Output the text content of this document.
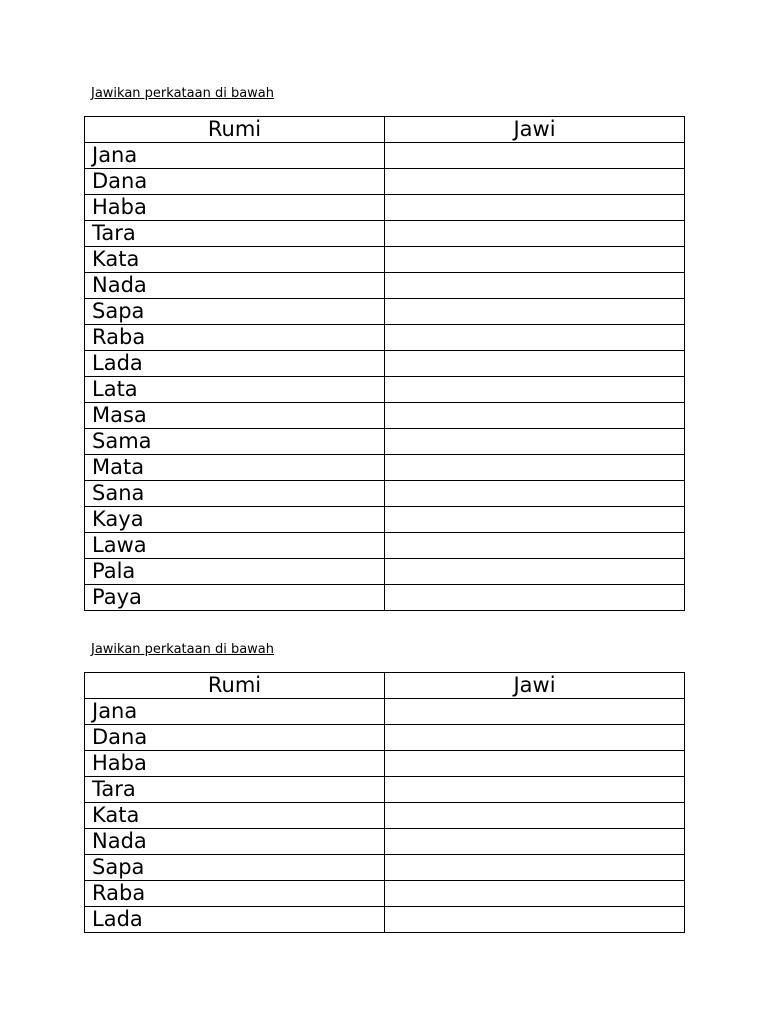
Jawikan perkataan di bawah
Rumi	Jawi
Jana	
Dana	
Haba	
Tara	
Kata	
Nada	
Sapa	
Raba	
Lada	
Lata	
Masa	
Sama	
Mata	
Sana	
Kaya	
Lawa	
Pala	
Paya	
Jawikan perkataan di bawah
Rumi	Jawi
Jana	
Dana	
Haba	
Tara	
Kata	
Nada	
Sapa	
Raba	
Lada	
